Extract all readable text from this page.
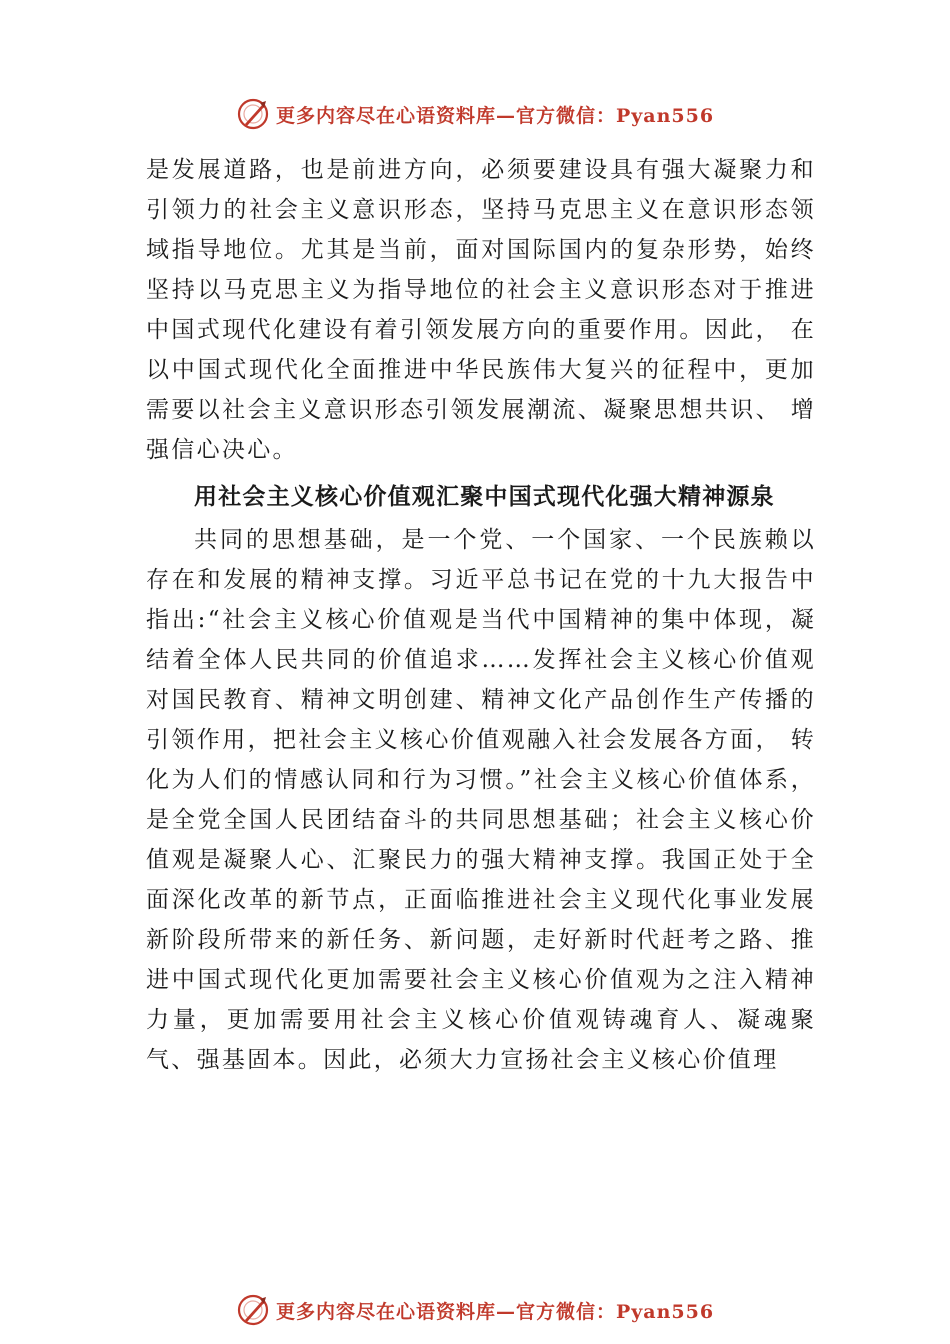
更多内容尽在心语资料库—官方微信：Pyan556

是发展道路，也是前进方向，必须要建设具有强大凝聚力和引领力的社会主义意识形态，坚持马克思主义在意识形态领域指导地位。尤其是当前，面对国际国内的复杂形势，始终坚持以马克思主义为指导地位的社会主义意识形态对于推进中国式现代化建设有着引领发展方向的重要作用。因此， 在以中国式现代化全面推进中华民族伟大复兴的征程中，更加需要以社会主义意识形态引领发展潮流、凝聚思想共识、 增强信心决心。

用社会主义核心价值观汇聚中国式现代化强大精神源泉

共同的思想基础，是一个党、一个国家、一个民族赖以存在和发展的精神支撑。习近平总书记在党的十九大报告中指出:“社会主义核心价值观是当代中国精神的集中体现，凝结着全体人民共同的价值追求……发挥社会主义核心价值观对国民教育、精神文明创建、精神文化产品创作生产传播的引领作用，把社会主义核心价值观融入社会发展各方面， 转化为人们的情感认同和行为习惯。”社会主义核心价值体系，是全党全国人民团结奋斗的共同思想基础；社会主义核心价值观是凝聚人心、汇聚民力的强大精神支撑。我国正处于全面深化改革的新节点，正面临推进社会主义现代化事业发展新阶段所带来的新任务、新问题，走好新时代赶考之路、推进中国式现代化更加需要社会主义核心价值观为之注入精神力量，更加需要用社会主义核心价值观铸魂育人、凝魂聚气、强基固本。因此，必须大力宣扬社会主义核心价值理

更多内容尽在心语资料库—官方微信：Pyan556
